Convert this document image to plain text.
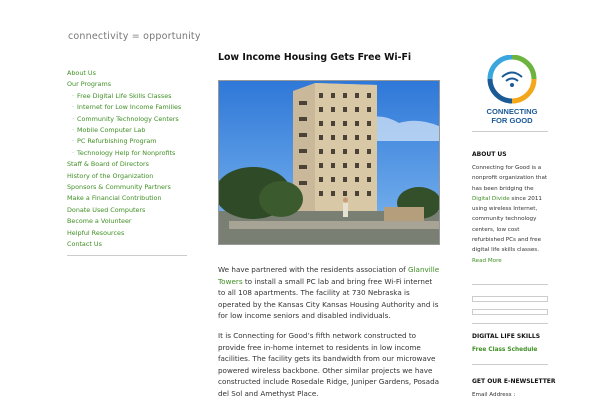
connectivity = opportunity
About Us
Our Programs
· Free Digital Life Skills Classes
· Internet for Low Income Families
· Community Technology Centers
· Mobile Computer Lab
· PC Refurbishing Program
· Technology Help for Nonprofits
Staff & Board of Directors
History of the Organization
Sponsors & Community Partners
Make a Financial Contribution
Donate Used Computers
Become a Volunteer
Helpful Resources
Contact Us
Low Income Housing Gets Free Wi-Fi

We have partnered with the residents association of Glanville Towers to install a small PC lab and bring free Wi-Fi internet to all 108 apartments. The facility at 730 Nebraska is operated by the Kansas City Kansas Housing Authority and is for low income seniors and disabled individuals.

It is Connecting for Good’s fifth network constructed to provide free in-home internet to residents in low income facilities. The facility gets its bandwidth from our microwave powered wireless backbone. Other similar projects we have constructed include Rosedale Ridge, Juniper Gardens, Posada del Sol and Amethyst Place.

CONNECTING
FOR GOOD
ABOUT US
Connecting for Good is a nonprofit organization that has been bridging the Digital Divide since 2011 using wireless Internet, community technology centers, low cost refurbished PCs and free digital life skills classes.
Read More
DIGITAL LIFE SKILLS
Free Class Schedule
GET OUR E-NEWSLETTER
Email Address :
